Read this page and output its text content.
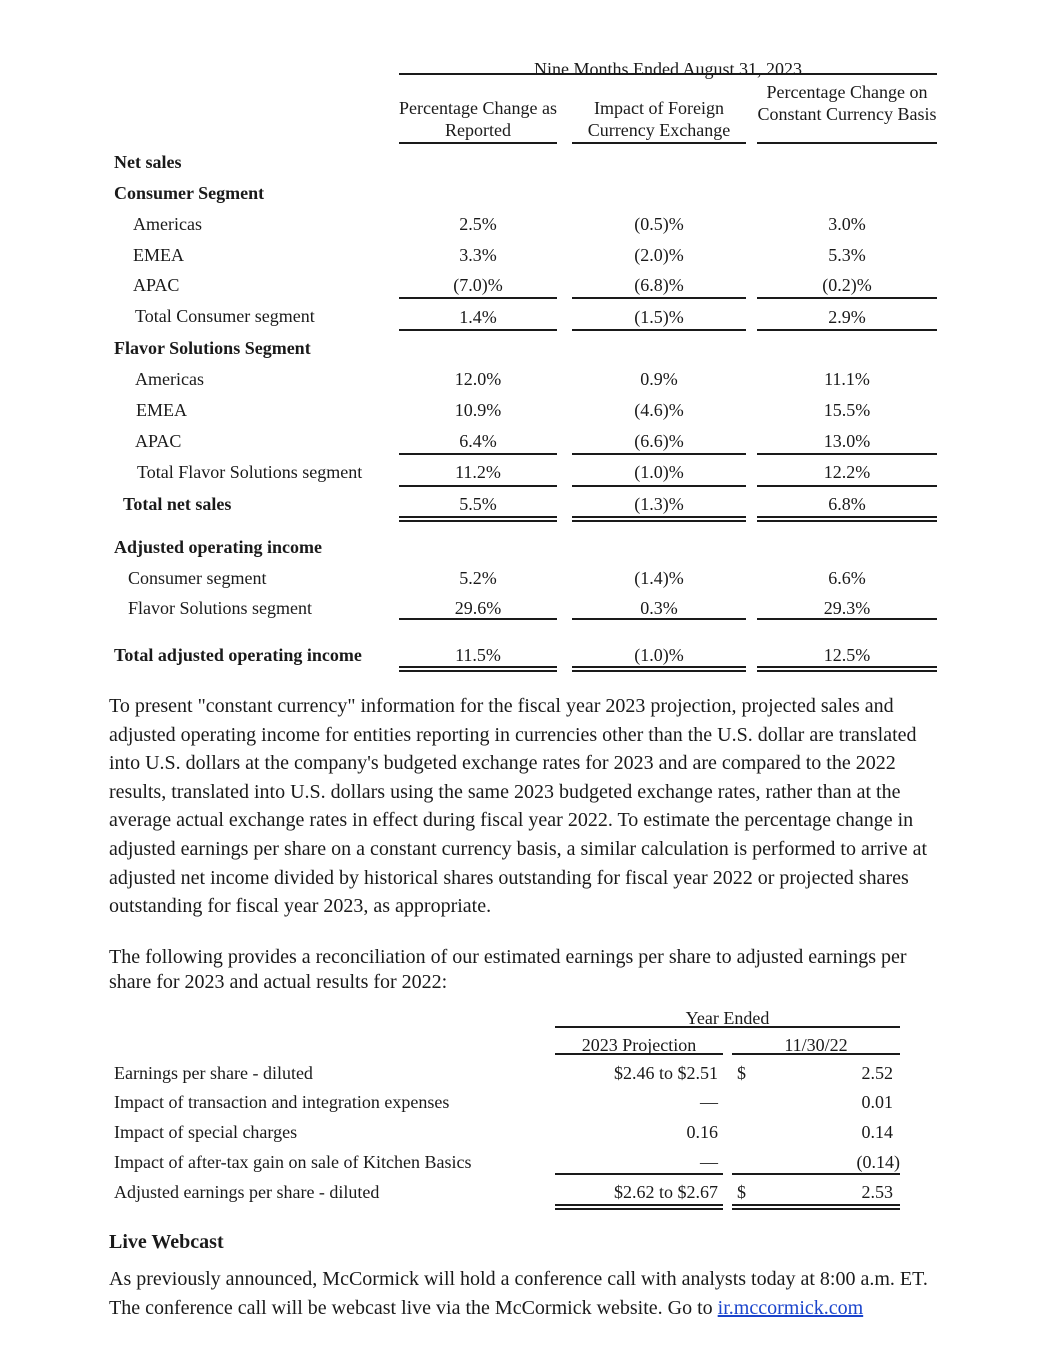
Nine Months Ended August 31, 2023
Percentage Change as Reported
Impact of Foreign Currency Exchange
Percentage Change on Constant Currency Basis
Net sales
Consumer Segment
Americas	2.5%	(0.5)%	3.0%
EMEA	3.3%	(2.0)%	5.3%
APAC	(7.0)%	(6.8)%	(0.2)%
Total Consumer segment	1.4%	(1.5)%	2.9%
Flavor Solutions Segment
Americas	12.0%	0.9%	11.1%
EMEA	10.9%	(4.6)%	15.5%
APAC	6.4%	(6.6)%	13.0%
Total Flavor Solutions segment	11.2%	(1.0)%	12.2%
Total net sales	5.5%	(1.3)%	6.8%
Adjusted operating income
Consumer segment	5.2%	(1.4)%	6.6%
Flavor Solutions segment	29.6%	0.3%	29.3%
Total adjusted operating income	11.5%	(1.0)%	12.5%
To present "constant currency" information for the fiscal year 2023 projection, projected sales and adjusted operating income for entities reporting in currencies other than the U.S. dollar are translated into U.S. dollars at the company's budgeted exchange rates for 2023 and are compared to the 2022 results, translated into U.S. dollars using the same 2023 budgeted exchange rates, rather than at the average actual exchange rates in effect during fiscal year 2022. To estimate the percentage change in adjusted earnings per share on a constant currency basis, a similar calculation is performed to arrive at adjusted net income divided by historical shares outstanding for fiscal year 2022 or projected shares outstanding for fiscal year 2023, as appropriate.
The following provides a reconciliation of our estimated earnings per share to adjusted earnings per share for 2023 and actual results for 2022:
Year Ended
2023 Projection	11/30/22
Earnings per share - diluted	$2.46 to $2.51 $	2.52
Impact of transaction and integration expenses	—	0.01
Impact of special charges	0.16	0.14
Impact of after-tax gain on sale of Kitchen Basics	—	(0.14)
Adjusted earnings per share - diluted	$2.62 to $2.67 $	2.53
Live Webcast
As previously announced, McCormick will hold a conference call with analysts today at 8:00 a.m. ET. The conference call will be webcast live via the McCormick website. Go to ir.mccormick.com
